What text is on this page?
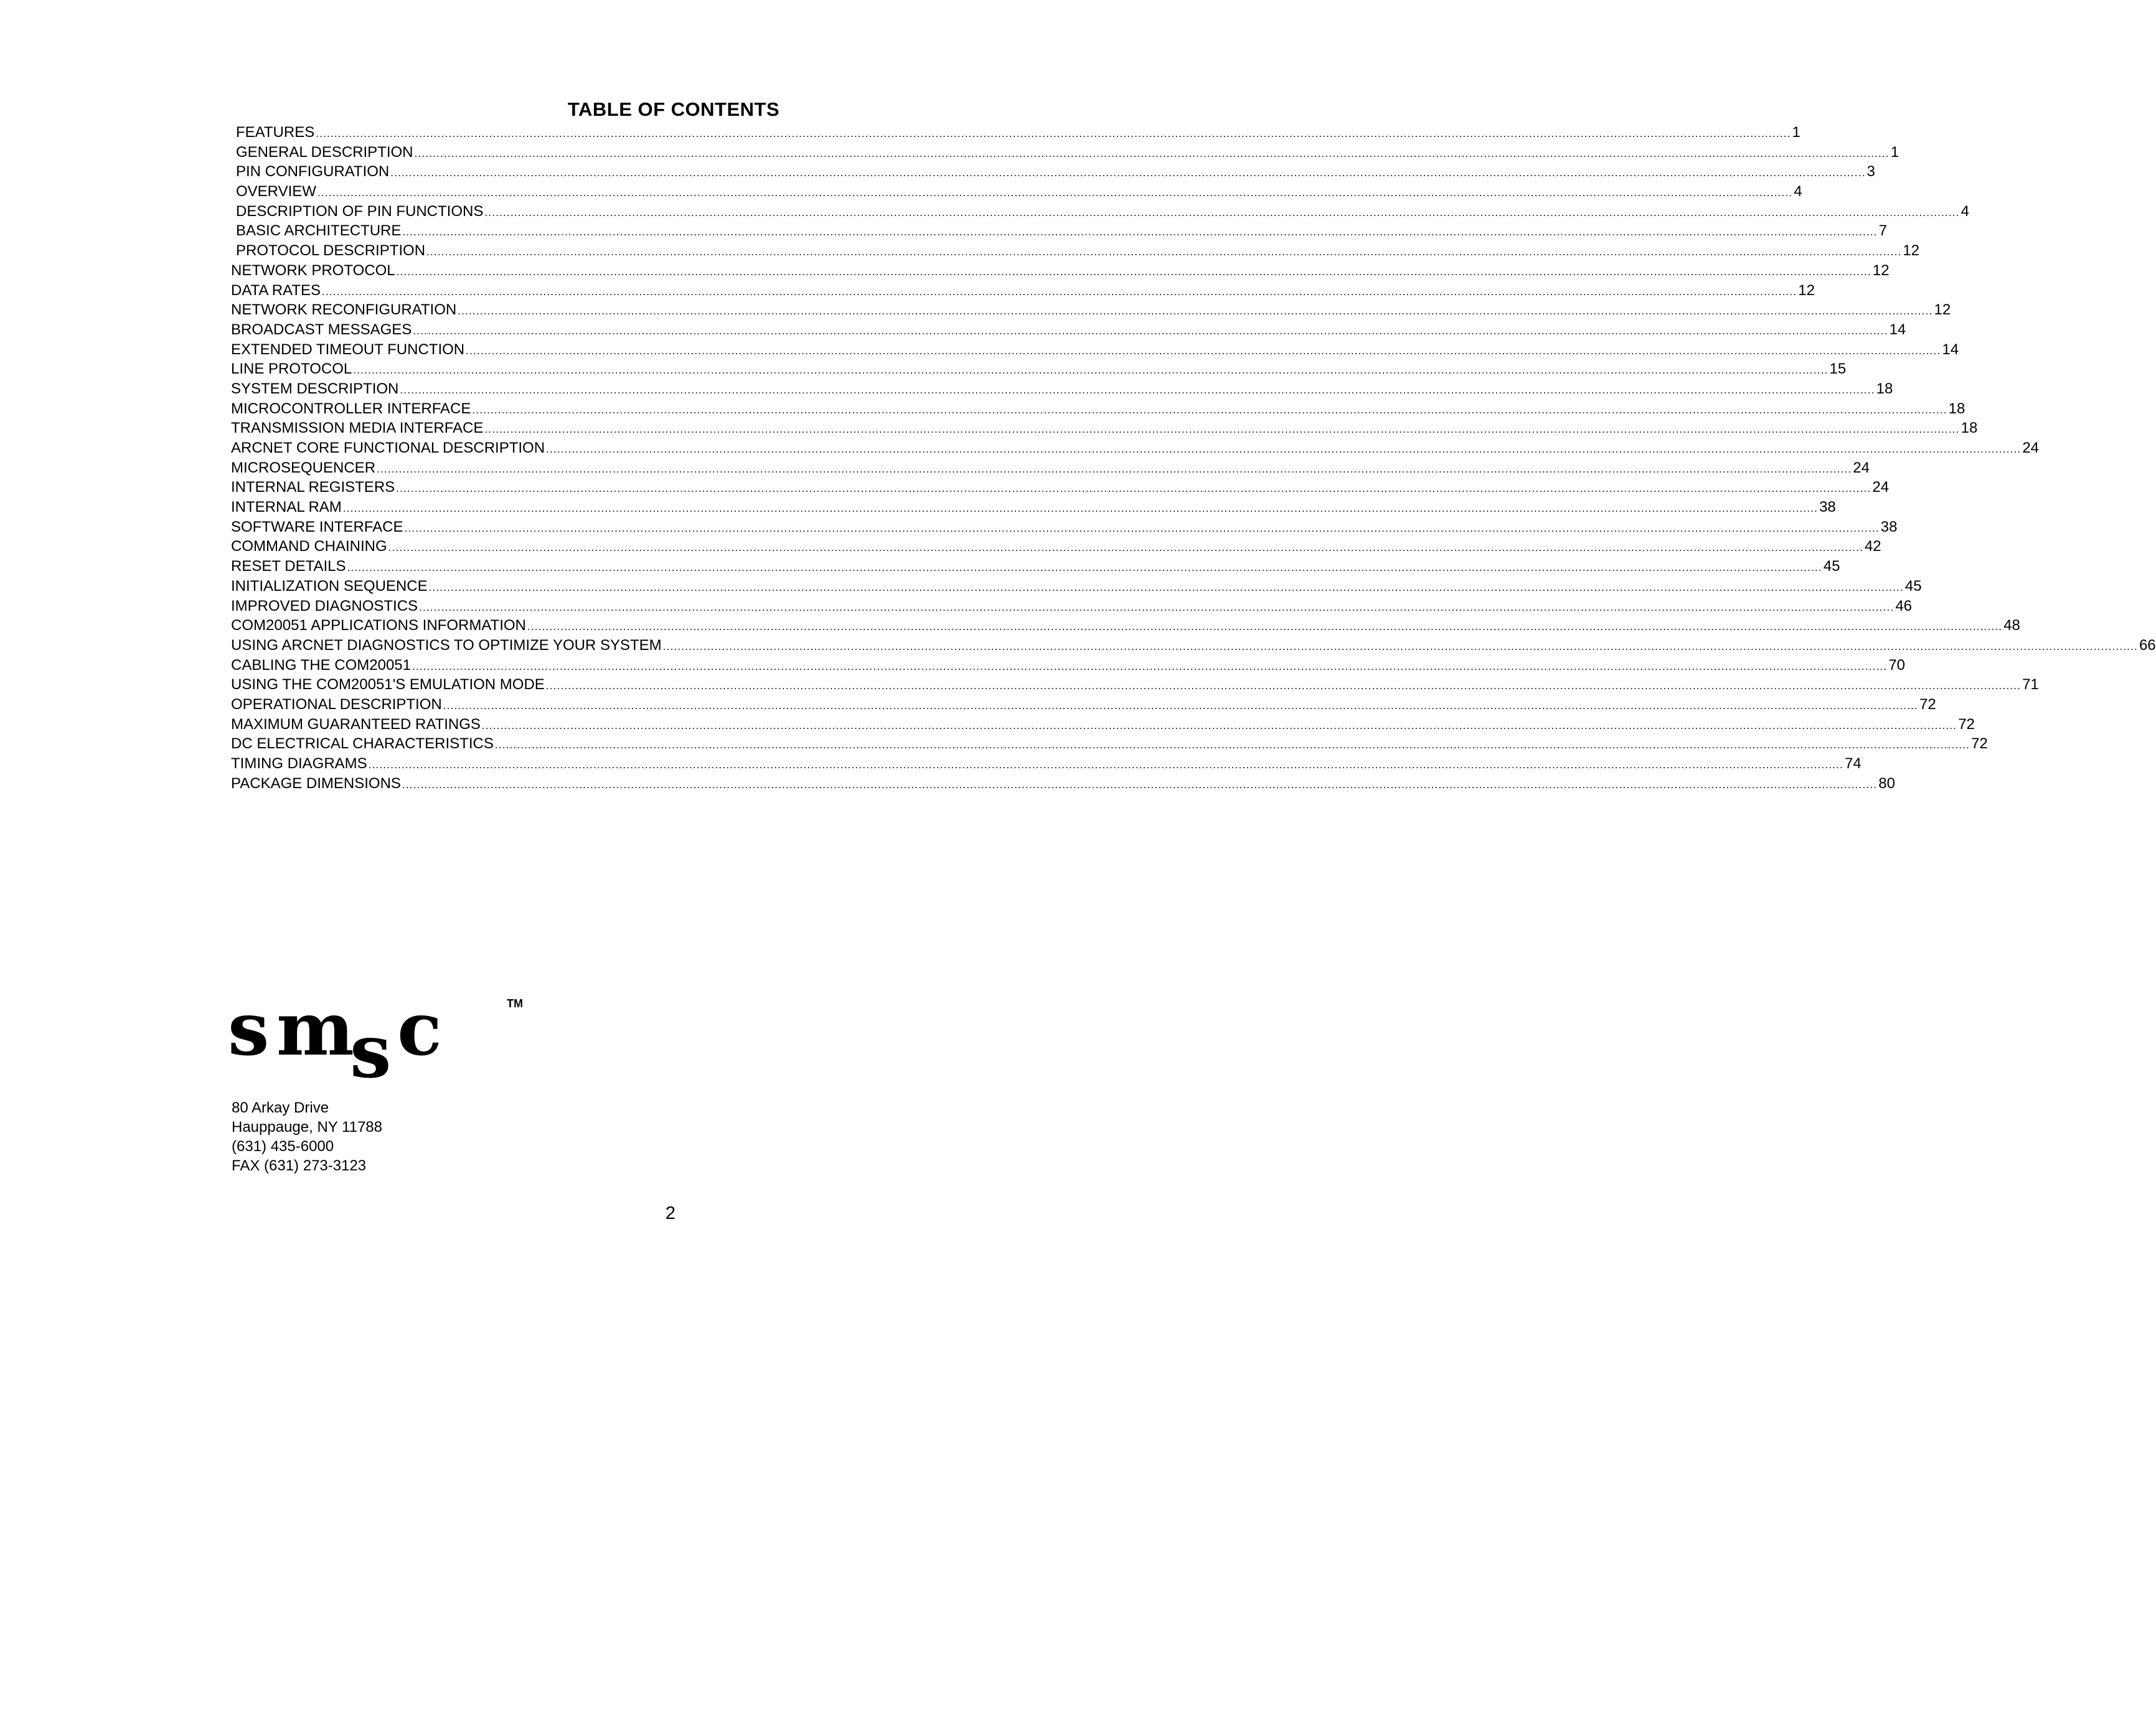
TABLE OF CONTENTS
FEATURES ................................................................................................................................................................................................................................................................................................................................................................................................................ 1
GENERAL DESCRIPTION ................................................................................................................................................................................................................................................................................................................................................................................................................ 1
PIN CONFIGURATION ................................................................................................................................................................................................................................................................................................................................................................................................................ 3
OVERVIEW ................................................................................................................................................................................................................................................................................................................................................................................................................ 4
DESCRIPTION OF PIN FUNCTIONS ................................................................................................................................................................................................................................................................................................................................................................................................................ 4
BASIC ARCHITECTURE ................................................................................................................................................................................................................................................................................................................................................................................................................ 7
PROTOCOL DESCRIPTION ................................................................................................................................................................................................................................................................................................................................................................................................................ 12
NETWORK PROTOCOL ................................................................................................................................................................................................................................................................................................................................................................................................................ 12
DATA RATES ................................................................................................................................................................................................................................................................................................................................................................................................................ 12
NETWORK RECONFIGURATION ................................................................................................................................................................................................................................................................................................................................................................................................................ 12
BROADCAST MESSAGES ................................................................................................................................................................................................................................................................................................................................................................................................................ 14
EXTENDED TIMEOUT FUNCTION ................................................................................................................................................................................................................................................................................................................................................................................................................ 14
LINE PROTOCOL ................................................................................................................................................................................................................................................................................................................................................................................................................ 15
SYSTEM DESCRIPTION ................................................................................................................................................................................................................................................................................................................................................................................................................ 18
MICROCONTROLLER INTERFACE ................................................................................................................................................................................................................................................................................................................................................................................................................ 18
TRANSMISSION MEDIA INTERFACE ................................................................................................................................................................................................................................................................................................................................................................................................................ 18
ARCNET CORE FUNCTIONAL DESCRIPTION ................................................................................................................................................................................................................................................................................................................................................................................................................ 24
MICROSEQUENCER ................................................................................................................................................................................................................................................................................................................................................................................................................ 24
INTERNAL REGISTERS ................................................................................................................................................................................................................................................................................................................................................................................................................ 24
INTERNAL RAM ................................................................................................................................................................................................................................................................................................................................................................................................................ 38
SOFTWARE INTERFACE ................................................................................................................................................................................................................................................................................................................................................................................................................ 38
COMMAND CHAINING ................................................................................................................................................................................................................................................................................................................................................................................................................ 42
RESET DETAILS ................................................................................................................................................................................................................................................................................................................................................................................................................ 45
INITIALIZATION SEQUENCE ................................................................................................................................................................................................................................................................................................................................................................................................................ 45
IMPROVED DIAGNOSTICS ................................................................................................................................................................................................................................................................................................................................................................................................................ 46
COM20051 APPLICATIONS INFORMATION ................................................................................................................................................................................................................................................................................................................................................................................................................ 48
USING ARCNET DIAGNOSTICS TO OPTIMIZE YOUR SYSTEM ................................................................................................................................................................................................................................................................................................................................................................................................................ 66
CABLING THE COM20051 ................................................................................................................................................................................................................................................................................................................................................................................................................ 70
USING THE COM20051'S EMULATION MODE ................................................................................................................................................................................................................................................................................................................................................................................................................ 71
OPERATIONAL DESCRIPTION ................................................................................................................................................................................................................................................................................................................................................................................................................ 72
MAXIMUM GUARANTEED RATINGS ................................................................................................................................................................................................................................................................................................................................................................................................................ 72
DC ELECTRICAL CHARACTERISTICS ................................................................................................................................................................................................................................................................................................................................................................................................................ 72
TIMING DIAGRAMS ................................................................................................................................................................................................................................................................................................................................................................................................................ 74
PACKAGE DIMENSIONS ................................................................................................................................................................................................................................................................................................................................................................................................................ 80
s m
s c	TM
80 Arkay Drive
Hauppauge, NY 11788
(631) 435-6000
FAX (631) 273-3123
2
